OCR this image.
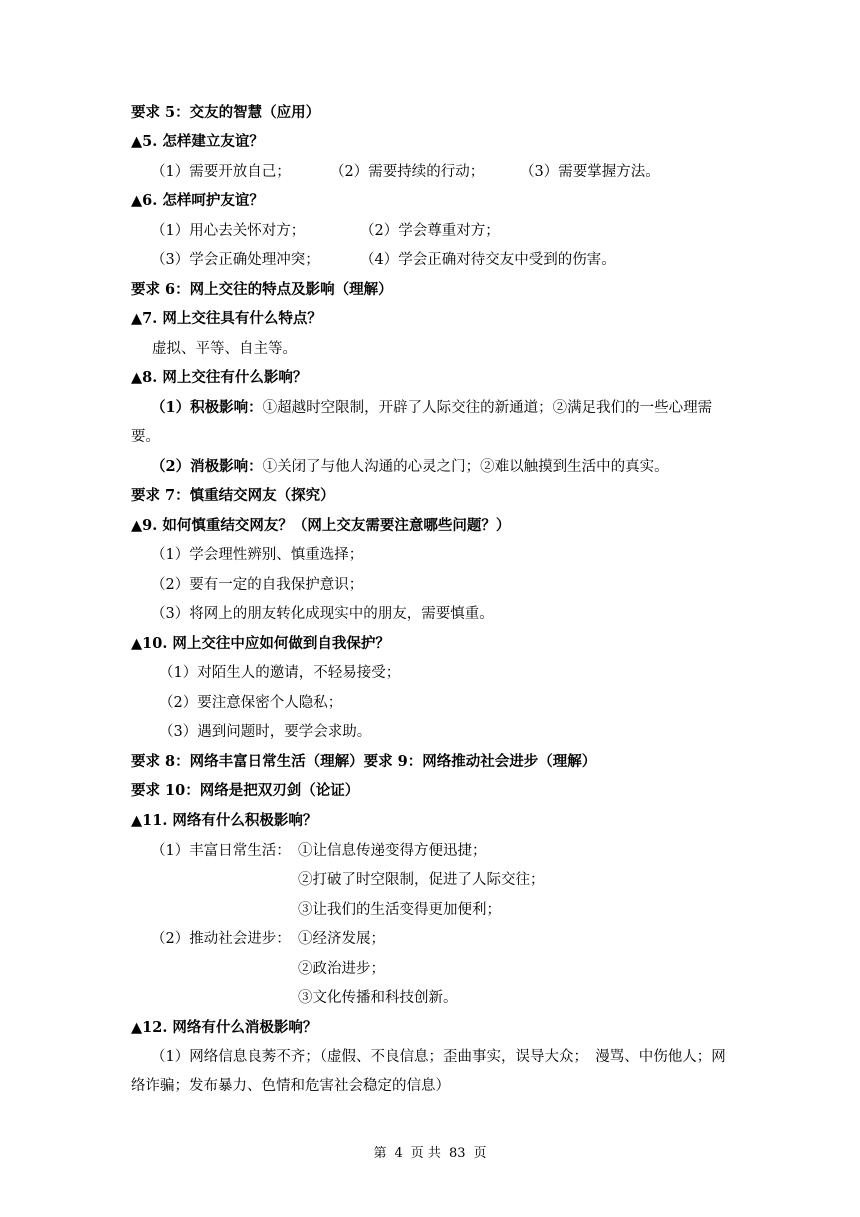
要求 5：交友的智慧（应用）
▲5. 怎样建立友谊？
（1）需要开放自己；	（2）需要持续的行动； （3）需要掌握方法。
▲6. 怎样呵护友谊？
（1）用心去关怀对方；	（2）学会尊重对方；
（3）学会正确处理冲突；	（4）学会正确对待交友中受到的伤害。
要求 6：网上交往的特点及影响（理解）
▲7. 网上交往具有什么特点？
虚拟、平等、自主等。
▲8. 网上交往有什么影响？
（1）积极影响：①超越时空限制，开辟了人际交往的新通道；②满足我们的一些心理需要。
（2）消极影响：①关闭了与他人沟通的心灵之门；②难以触摸到生活中的真实。
要求 7：慎重结交网友（探究）
▲9. 如何慎重结交网友？（网上交友需要注意哪些问题？）
（1）学会理性辨别、慎重选择；
（2）要有一定的自我保护意识；
（3）将网上的朋友转化成现实中的朋友，需要慎重。
▲10. 网上交往中应如何做到自我保护？
（1）对陌生人的邀请，不轻易接受；
（2）要注意保密个人隐私；
（3）遇到问题时，要学会求助。
要求 8：网络丰富日常生活（理解）要求 9：网络推动社会进步（理解）
要求 10：网络是把双刃剑（论证）
▲11. 网络有什么积极影响？
（1）丰富日常生活： ①让信息传递变得方便迅捷；
②打破了时空限制，促进了人际交往；
③让我们的生活变得更加便利；
（2）推动社会进步： ①经济发展；
②政治进步；
③文化传播和科技创新。
▲12. 网络有什么消极影响？
（1）网络信息良莠不齐；（虚假、不良信息；歪曲事实，误导大众；　漫骂、中伤他人；网络诈骗；发布暴力、色情和危害社会稳定的信息）
第 4 页 共 83 页
